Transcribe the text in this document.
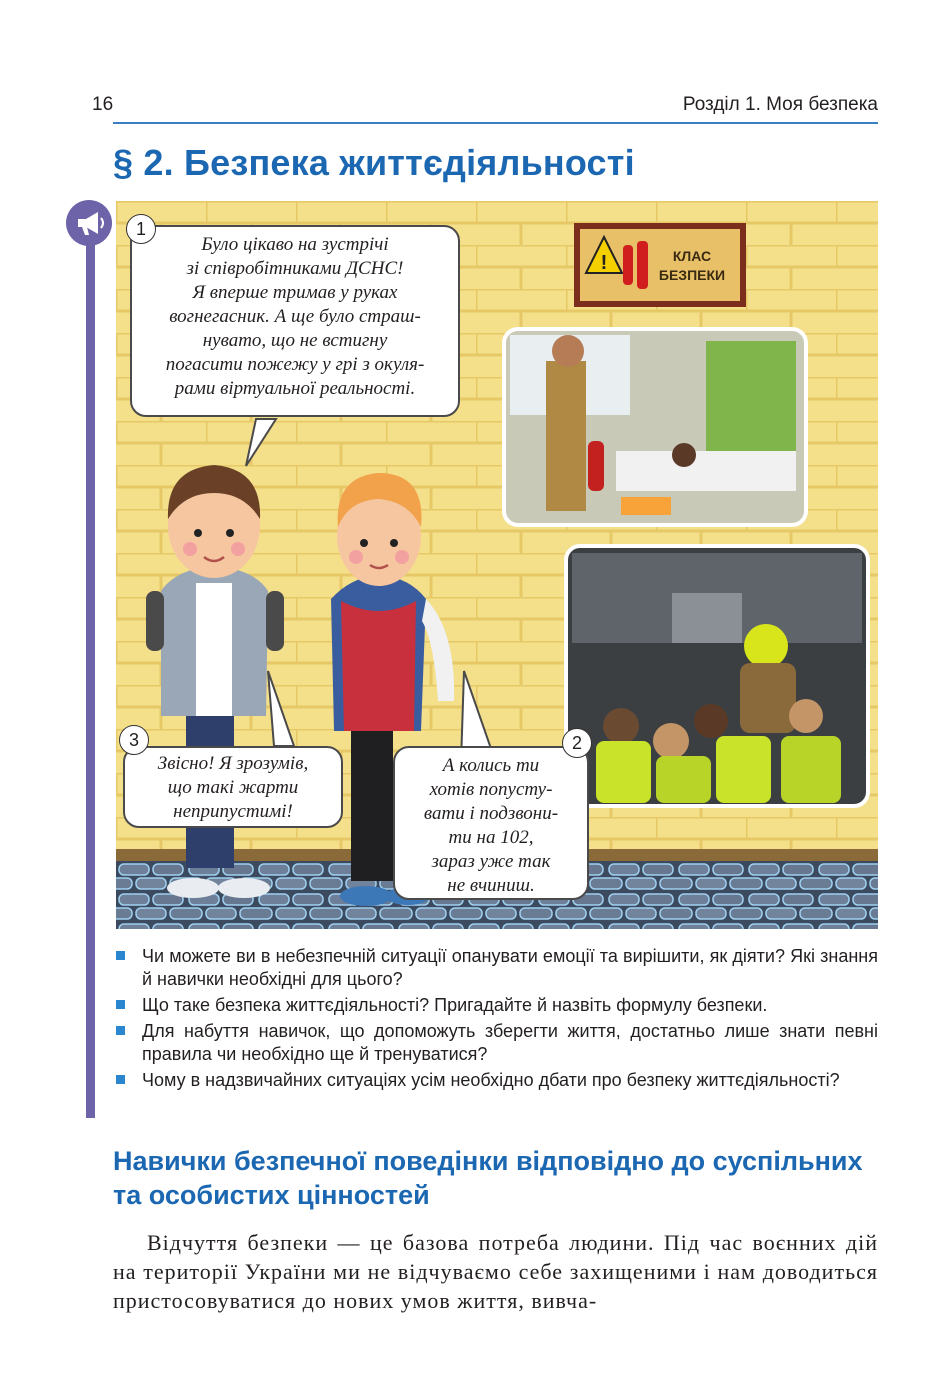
16	Розділ 1. Моя безпека
§ 2. Безпека життєдіяльності
!
Було цікаво на зустрічі
зі співробітниками ДСНС!
Я вперше тримав у руках
вогнегасник. А ще було страш-
нувато, що не встигну
погасити пожежу у грі з окуля-
рами віртуальної реальності.
1
Звісно! Я зрозумів,
що такі жарти
неприпустимі!
3
А колись ти
хотів попусту-
вати і подзвони-
ти на 102,
зараз уже так
не вчиниш.
2
КЛАС БЕЗПЕКИ
Чи можете ви в небезпечній ситуації опанувати емоції та вирішити, як діяти? Які знання й навички необхідні для цього?
Що таке безпека життєдіяльності? Пригадайте й назвіть формулу безпеки.
Для набуття навичок, що допоможуть зберегти життя, достатньо лише знати певні правила чи необхідно ще й тренуватися?
Чому в надзвичайних ситуаціях усім необхідно дбати про безпеку життєдіяльності?
Навички безпечної поведінки відповідно до суспільних та особистих цінностей
Відчуття безпеки — це базова потреба людини. Під час воєнних дій на території України ми не відчуваємо себе захищеними і нам доводиться пристосовуватися до нових умов життя, вивча-
